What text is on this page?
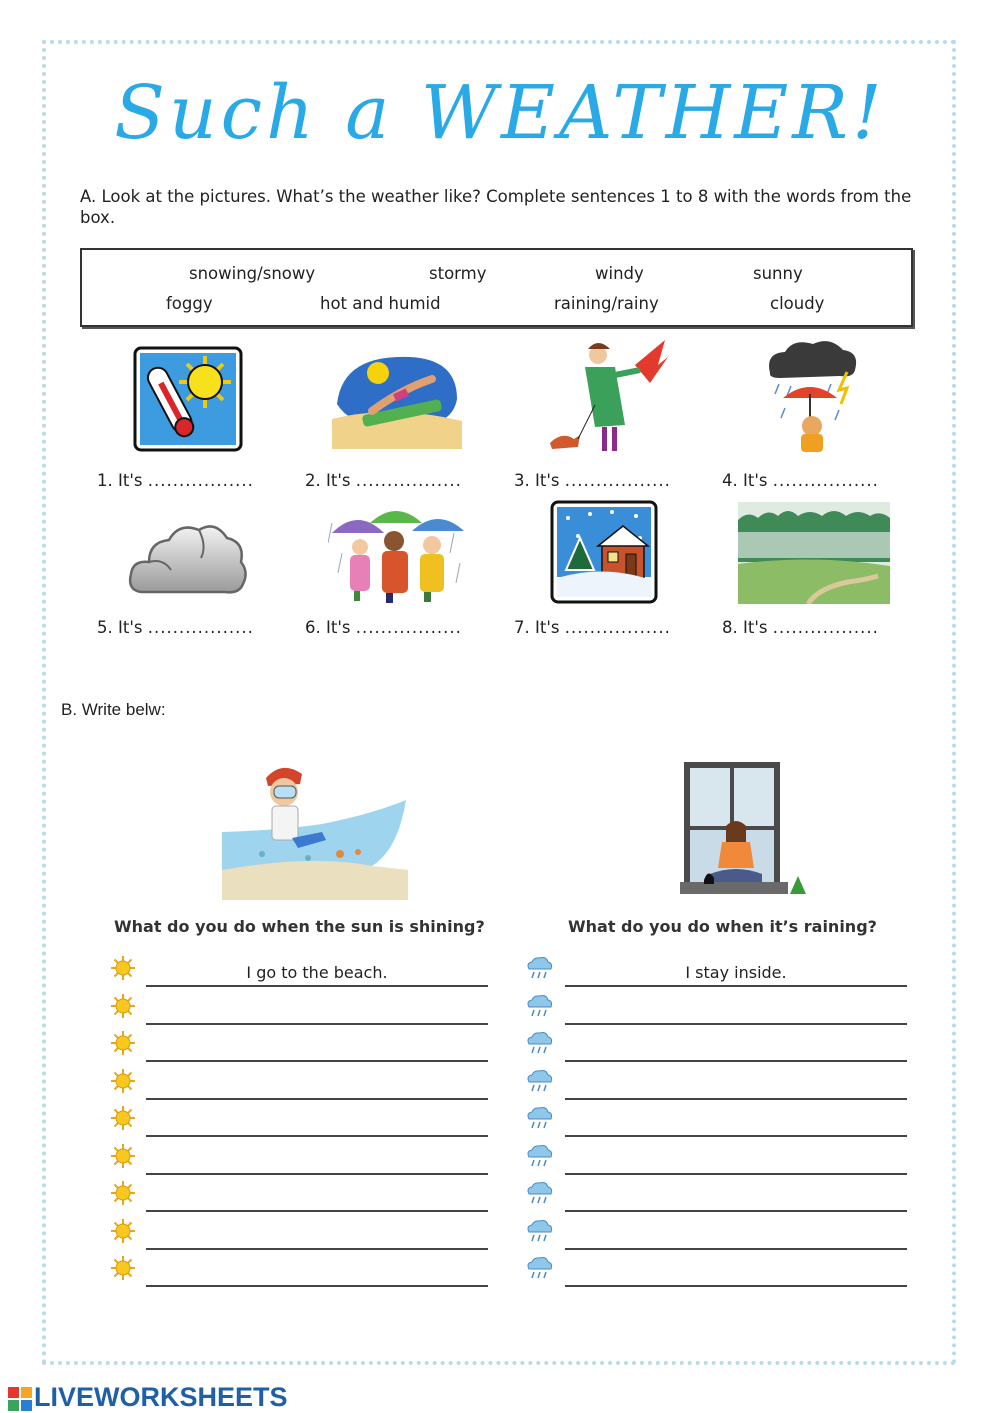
Such a WEATHER!
A. Look at the pictures. What’s the weather like? Complete sentences 1 to 8 with the words from the box.
snowing/snowy	stormy	windy	sunny
foggy	hot and humid	raining/rainy	cloudy
1. It's .................	2. It's .................	3. It's .................	4. It's .................
5. It's .................	6. It's .................	7. It's .................	8. It's .................
B. Write belw:
What do you do when the sun is shining?	What do you do when it’s raining?
I go to the beach.	I stay inside.
LIVEWORKSHEETS
